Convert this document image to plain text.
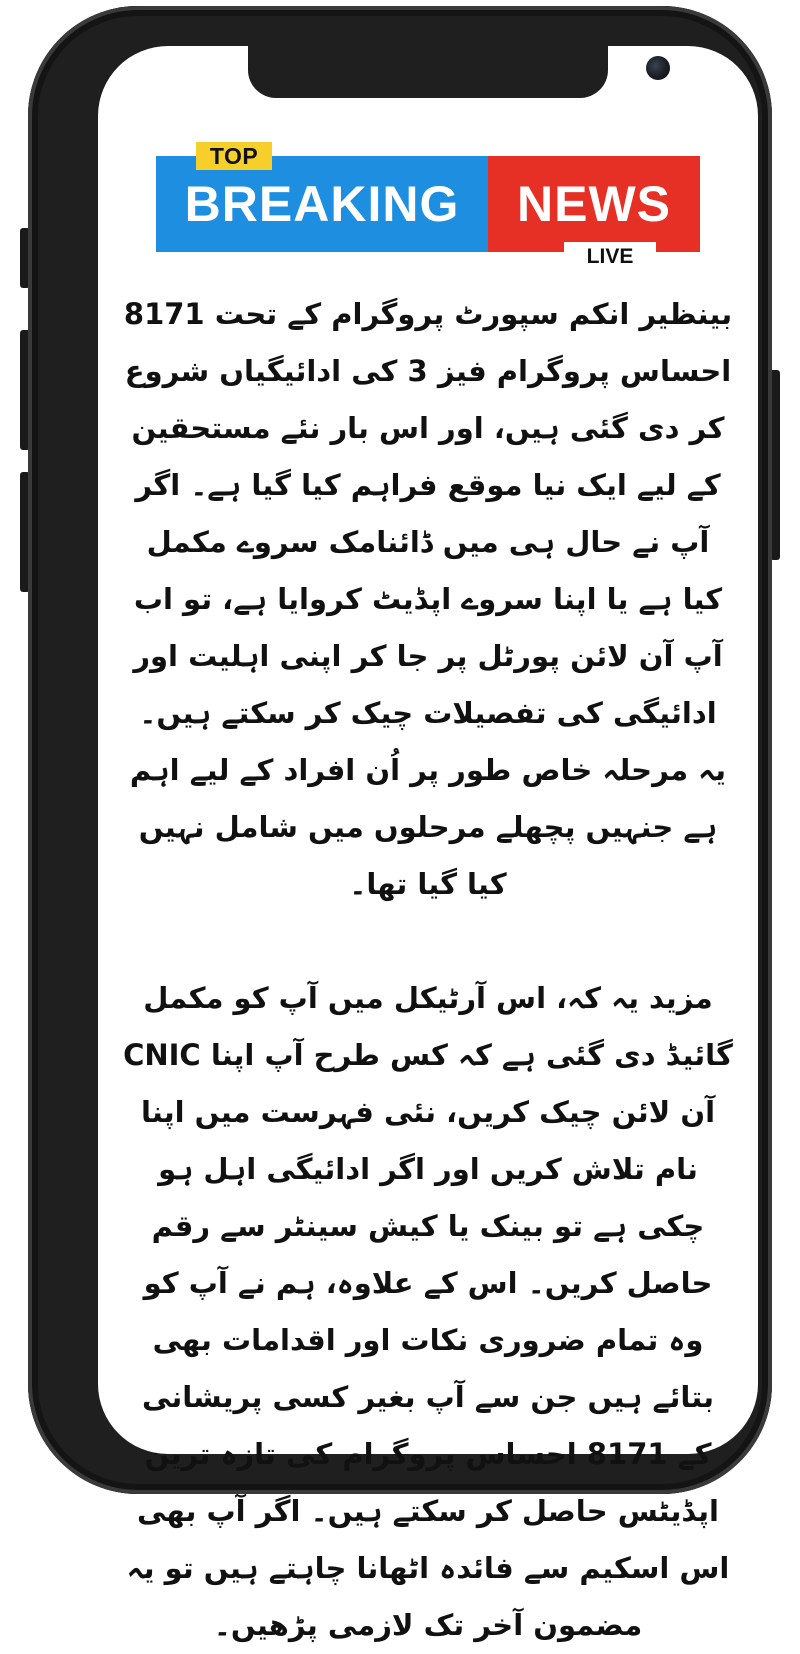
BREAKING	NEWS
TOP
LIVE

بینظیر انکم سپورٹ پروگرام کے تحت 8171 احساس پروگرام فیز 3 کی ادائیگیاں شروع کر دی گئی ہیں، اور اس بار نئے مستحقین کے لیے ایک نیا موقع فراہم کیا گیا ہے۔ اگر آپ نے حال ہی میں ڈائنامک سروے مکمل کیا ہے یا اپنا سروے اپڈیٹ کروایا ہے، تو اب آپ آن لائن پورٹل پر جا کر اپنی اہلیت اور ادائیگی کی تفصیلات چیک کر سکتے ہیں۔ یہ مرحلہ خاص طور پر اُن افراد کے لیے اہم ہے جنہیں پچھلے مرحلوں میں شامل نہیں کیا گیا تھا۔

مزید یہ کہ، اس آرٹیکل میں آپ کو مکمل گائیڈ دی گئی ہے کہ کس طرح آپ اپنا CNIC آن لائن چیک کریں، نئی فہرست میں اپنا نام تلاش کریں اور اگر ادائیگی اہل ہو چکی ہے تو بینک یا کیش سینٹر سے رقم حاصل کریں۔ اس کے علاوہ، ہم نے آپ کو وہ تمام ضروری نکات اور اقدامات بھی بتائے ہیں جن سے آپ بغیر کسی پریشانی کے 8171 احساس پروگرام کی تازہ ترین اپڈیٹس حاصل کر سکتے ہیں۔ اگر آپ بھی اس اسکیم سے فائدہ اٹھانا چاہتے ہیں تو یہ مضمون آخر تک لازمی پڑھیں۔
